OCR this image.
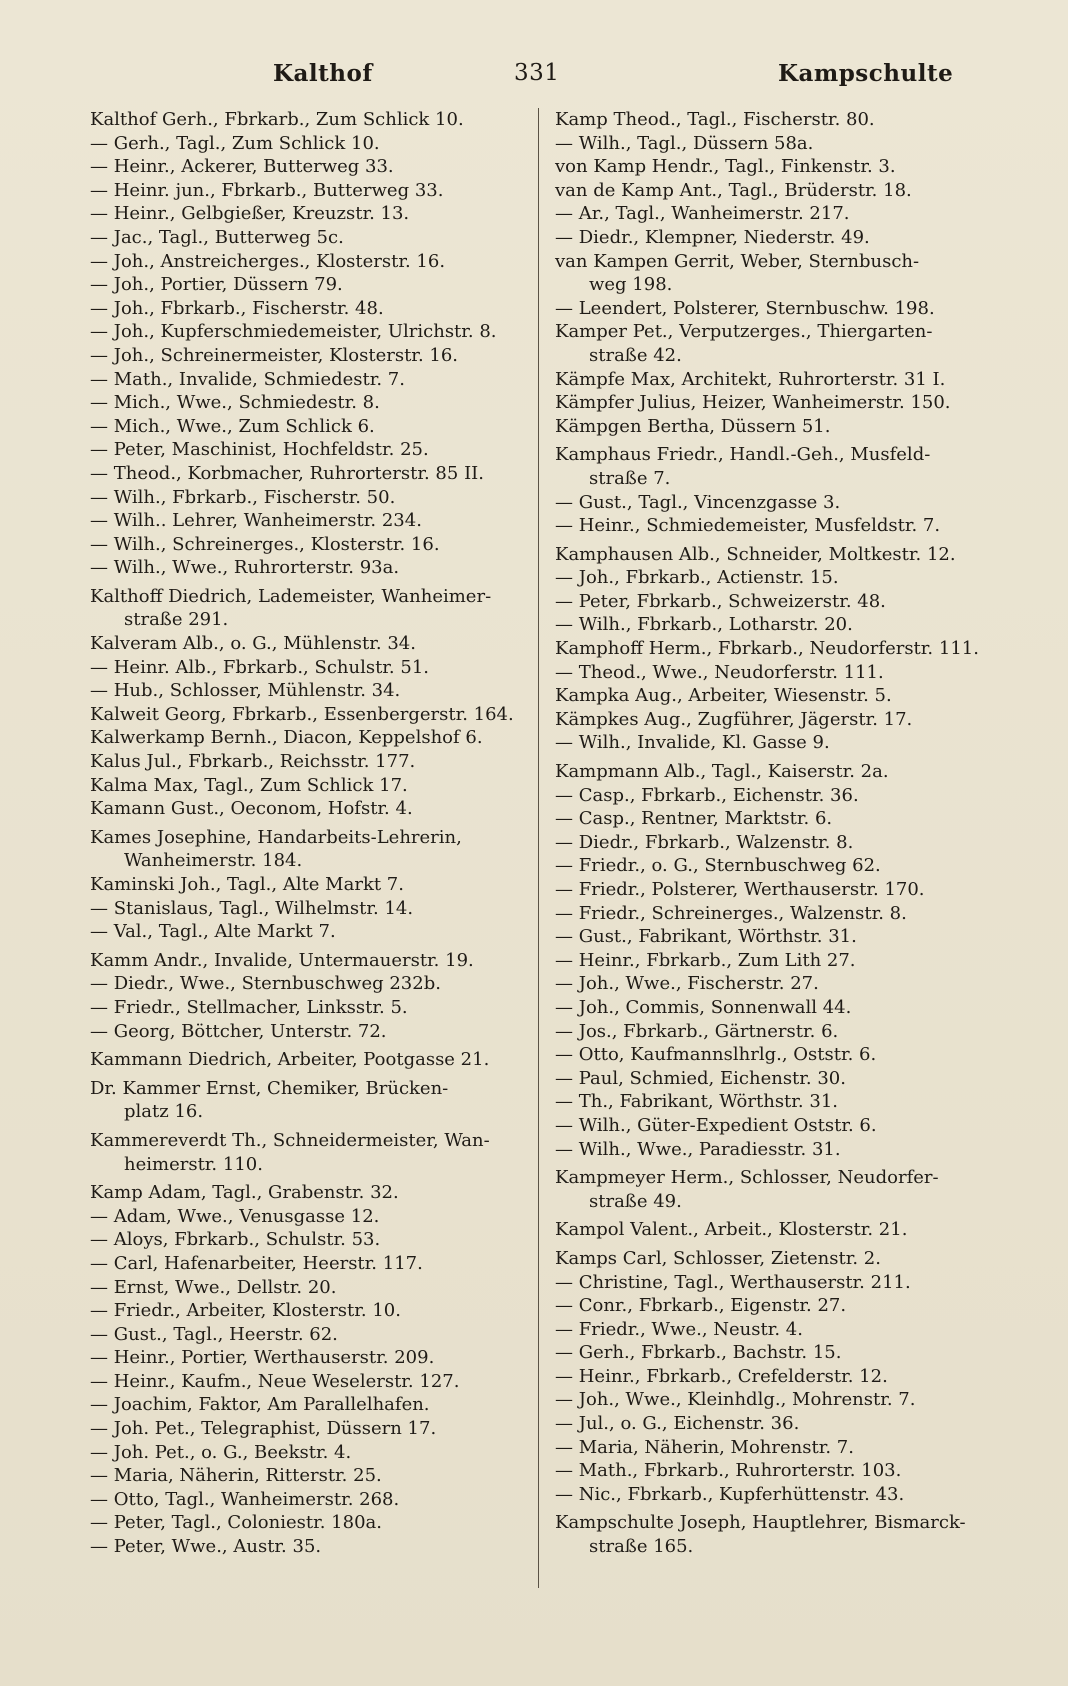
Kalthof	331	Kampschulte
Kalthof Gerh., Fbrkarb., Zum Schlick 10.
— Gerh., Tagl., Zum Schlick 10.
— Heinr., Ackerer, Butterweg 33.
— Heinr. jun., Fbrkarb., Butterweg 33.
— Heinr., Gelbgießer, Kreuzstr. 13.
— Jac., Tagl., Butterweg 5c.
— Joh., Anstreicherges., Klosterstr. 16.
— Joh., Portier, Düssern 79.
— Joh., Fbrkarb., Fischerstr. 48.
— Joh., Kupferschmiedemeister, Ulrichstr. 8.
— Joh., Schreinermeister, Klosterstr. 16.
— Math., Invalide, Schmiedestr. 7.
— Mich., Wwe., Schmiedestr. 8.
— Mich., Wwe., Zum Schlick 6.
— Peter, Maschinist, Hochfeldstr. 25.
— Theod., Korbmacher, Ruhrorterstr. 85 II.
— Wilh., Fbrkarb., Fischerstr. 50.
— Wilh.. Lehrer, Wanheimerstr. 234.
— Wilh., Schreinerges., Klosterstr. 16.
— Wilh., Wwe., Ruhrorterstr. 93a.
Kalthoff Diedrich, Lademeister, Wanheimer-
straße 291.
Kalveram Alb., o. G., Mühlenstr. 34.
— Heinr. Alb., Fbrkarb., Schulstr. 51.
— Hub., Schlosser, Mühlenstr. 34.
Kalweit Georg, Fbrkarb., Essenbergerstr. 164.
Kalwerkamp Bernh., Diacon, Keppelshof 6.
Kalus Jul., Fbrkarb., Reichsstr. 177.
Kalma Max, Tagl., Zum Schlick 17.
Kamann Gust., Oeconom, Hofstr. 4.
Kames Josephine, Handarbeits-Lehrerin,
Wanheimerstr. 184.
Kaminski Joh., Tagl., Alte Markt 7.
— Stanislaus, Tagl., Wilhelmstr. 14.
— Val., Tagl., Alte Markt 7.
Kamm Andr., Invalide, Untermauerstr. 19.
— Diedr., Wwe., Sternbuschweg 232b.
— Friedr., Stellmacher, Linksstr. 5.
— Georg, Böttcher, Unterstr. 72.
Kammann Diedrich, Arbeiter, Pootgasse 21.
Dr. Kammer Ernst, Chemiker, Brücken-
platz 16.
Kammereverdt Th., Schneidermeister, Wan-
heimerstr. 110.
Kamp Adam, Tagl., Grabenstr. 32.
— Adam, Wwe., Venusgasse 12.
— Aloys, Fbrkarb., Schulstr. 53.
— Carl, Hafenarbeiter, Heerstr. 117.
— Ernst, Wwe., Dellstr. 20.
— Friedr., Arbeiter, Klosterstr. 10.
— Gust., Tagl., Heerstr. 62.
— Heinr., Portier, Werthauserstr. 209.
— Heinr., Kaufm., Neue Weselerstr. 127.
— Joachim, Faktor, Am Parallelhafen.
— Joh. Pet., Telegraphist, Düssern 17.
— Joh. Pet., o. G., Beekstr. 4.
— Maria, Näherin, Ritterstr. 25.
— Otto, Tagl., Wanheimerstr. 268.
— Peter, Tagl., Coloniestr. 180a.
— Peter, Wwe., Austr. 35.
Kamp Theod., Tagl., Fischerstr. 80.
— Wilh., Tagl., Düssern 58a.
von Kamp Hendr., Tagl., Finkenstr. 3.
van de Kamp Ant., Tagl., Brüderstr. 18.
— Ar., Tagl., Wanheimerstr. 217.
— Diedr., Klempner, Niederstr. 49.
van Kampen Gerrit, Weber, Sternbusch-
weg 198.
— Leendert, Polsterer, Sternbuschw. 198.
Kamper Pet., Verputzerges., Thiergarten-
straße 42.
Kämpfe Max, Architekt, Ruhrorterstr. 31 I.
Kämpfer Julius, Heizer, Wanheimerstr. 150.
Kämpgen Bertha, Düssern 51.
Kamphaus Friedr., Handl.-Geh., Musfeld-
straße 7.
— Gust., Tagl., Vincenzgasse 3.
— Heinr., Schmiedemeister, Musfeldstr. 7.
Kamphausen Alb., Schneider, Moltkestr. 12.
— Joh., Fbrkarb., Actienstr. 15.
— Peter, Fbrkarb., Schweizerstr. 48.
— Wilh., Fbrkarb., Lotharstr. 20.
Kamphoff Herm., Fbrkarb., Neudorferstr. 111.
— Theod., Wwe., Neudorferstr. 111.
Kampka Aug., Arbeiter, Wiesenstr. 5.
Kämpkes Aug., Zugführer, Jägerstr. 17.
— Wilh., Invalide, Kl. Gasse 9.
Kampmann Alb., Tagl., Kaiserstr. 2a.
— Casp., Fbrkarb., Eichenstr. 36.
— Casp., Rentner, Marktstr. 6.
— Diedr., Fbrkarb., Walzenstr. 8.
— Friedr., o. G., Sternbuschweg 62.
— Friedr., Polsterer, Werthauserstr. 170.
— Friedr., Schreinerges., Walzenstr. 8.
— Gust., Fabrikant, Wörthstr. 31.
— Heinr., Fbrkarb., Zum Lith 27.
— Joh., Wwe., Fischerstr. 27.
— Joh., Commis, Sonnenwall 44.
— Jos., Fbrkarb., Gärtnerstr. 6.
— Otto, Kaufmannslhrlg., Oststr. 6.
— Paul, Schmied, Eichenstr. 30.
— Th., Fabrikant, Wörthstr. 31.
— Wilh., Güter-Expedient Oststr. 6.
— Wilh., Wwe., Paradiesstr. 31.
Kampmeyer Herm., Schlosser, Neudorfer-
straße 49.
Kampol Valent., Arbeit., Klosterstr. 21.
Kamps Carl, Schlosser, Zietenstr. 2.
— Christine, Tagl., Werthauserstr. 211.
— Conr., Fbrkarb., Eigenstr. 27.
— Friedr., Wwe., Neustr. 4.
— Gerh., Fbrkarb., Bachstr. 15.
— Heinr., Fbrkarb., Crefelderstr. 12.
— Joh., Wwe., Kleinhdlg., Mohrenstr. 7.
— Jul., o. G., Eichenstr. 36.
— Maria, Näherin, Mohrenstr. 7.
— Math., Fbrkarb., Ruhrorterstr. 103.
— Nic., Fbrkarb., Kupferhüttenstr. 43.
Kampschulte Joseph, Hauptlehrer, Bismarck-
straße 165.
